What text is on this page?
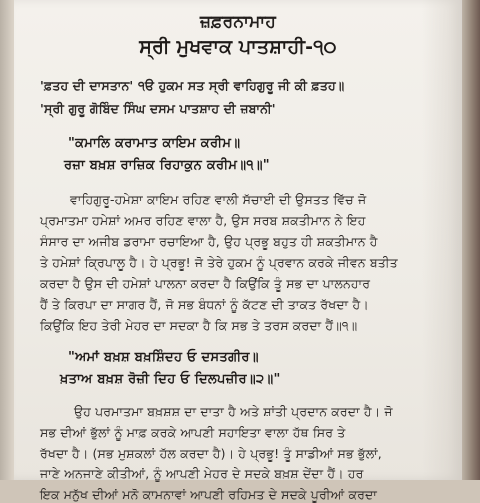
ਜ਼ਫ਼ਰਨਾਮਾਹ
ਸ੍ਰੀ ਮੁਖਵਾਕ ਪਾਤਸ਼ਾਹੀ-੧੦
'ਫ਼ਤਹ ਦੀ ਦਾਸਤਾਨ' ੧ੳ ਹੁਕਮ ਸਤ ਸ੍ਰੀ ਵਾਹਿਗੁਰੂ ਜੀ ਕੀ ਫ਼ਤਹ॥
'ਸ੍ਰੀ ਗੁਰੂ ਗੋਬਿੰਦ ਸਿੰਘ ਦਸਮ ਪਾਤਸ਼ਾਹ ਦੀ ਜ਼ਬਾਨੀ'
"ਕਮਾਲਿ ਕਰਾਮਾਤ ਕਾਇਮ ਕਰੀਮ॥
ਰਜ਼ਾ ਬਖ਼ਸ਼ ਰਾਜ਼ਿਕ ਰਿਹਾਕੁਨ ਕਰੀਮ॥੧॥"
ਵਾਹਿਗੁਰੂ-ਹਮੇਸ਼ਾ ਕਾਇਮ ਰਹਿਣ ਵਾਲੀ ਸੱਚਾਈ ਦੀ ਉਸਤਤ ਵਿੱਚ ਜੋ
ਪ੍ਰਮਾਤਮਾ ਹਮੇਸ਼ਾਂ ਅਮਰ ਰਹਿਣ ਵਾਲਾ ਹੈ, ਉਸ ਸਰਬ ਸ਼ਕਤੀਮਾਨ ਨੇ ਇਹ
ਸੰਸਾਰ ਦਾ ਅਜੀਬ ਡਰਾਮਾ ਰਚਾਇਆ ਹੈ, ਉਹ ਪ੍ਰਭੂ ਬਹੁਤ ਹੀ ਸ਼ਕਤੀਮਾਨ ਹੈ
ਤੇ ਹਮੇਸ਼ਾਂ ਕ੍ਰਿਪਾਲੂ ਹੈ। ਹੇ ਪ੍ਰਭੂ! ਜੋ ਤੇਰੇ ਹੁਕਮ ਨੂੰ ਪ੍ਰਵਾਨ ਕਰਕੇ ਜੀਵਨ ਬਤੀਤ
ਕਰਦਾ ਹੈ ਉਸ ਦੀ ਹਮੇਸ਼ਾਂ ਪਾਲਨਾ ਕਰਦਾ ਹੈ ਕਿਉਂਕਿ ਤੂੰ ਸਭ ਦਾ ਪਾਲਨਹਾਰ
ਹੈਂ ਤੇ ਕਿਰਪਾ ਦਾ ਸਾਗਰ ਹੈਂ, ਜੋ ਸਭ ਬੰਧਨਾਂ ਨੂੰ ਕੱਟਣ ਦੀ ਤਾਕਤ ਰੱਖਦਾ ਹੈ।
ਕਿਉਂਕਿ ਇਹ ਤੇਰੀ ਮੇਹਰ ਦਾ ਸਦਕਾ ਹੈ ਕਿ ਸਭ ਤੇ ਤਰਸ ਕਰਦਾ ਹੈਂ॥੧॥
"ਅਮਾਂ ਬਖ਼ਸ਼ ਬਖ਼ਸ਼ਿੰਦਹ ਓ ਦਸਤਗੀਰ॥
ਖ਼ਤਾਅ ਬਖ਼ਸ਼ ਰੋਜ਼ੀ ਦਿਹ ਓ ਦਿਲਪਜ਼ੀਰ॥੨॥"
ਉਹ ਪਰਮਾਤਮਾ ਬਖ਼ਸ਼ਸ਼ ਦਾ ਦਾਤਾ ਹੈ ਅਤੇ ਸ਼ਾਂਤੀ ਪ੍ਰਦਾਨ ਕਰਦਾ ਹੈ। ਜੋ
ਸਭ ਦੀਆਂ ਭੁੱਲਾਂ ਨੂੰ ਮਾਫ਼ ਕਰਕੇ ਆਪਣੀ ਸਹਾਇਤਾ ਵਾਲਾ ਹੱਥ ਸਿਰ ਤੇ
ਰੱਖਦਾ ਹੈ। (ਸਭ ਮੁਸ਼ਕਲਾਂ ਹੱਲ ਕਰਦਾ ਹੈ)। ਹੇ ਪ੍ਰਭੂ! ਤੂੰ ਸਾਡੀਆਂ ਸਭ ਭੁੱਲਾਂ,
ਜਾਣੇ ਅਨਜਾਣੇ ਕੀਤੀਆਂ, ਨੂੰ ਆਪਣੀ ਮੇਹਰ ਦੇ ਸਦਕੇ ਬਖ਼ਸ਼ ਦੇਂਦਾ ਹੈਂ। ਹਰ
ਇਕ ਮਨੁੱਖ ਦੀਆਂ ਮਨੋ ਕਾਮਨਾਵਾਂ ਆਪਣੀ ਰਹਿਮਤ ਦੇ ਸਦਕੇ ਪੂਰੀਆਂ ਕਰਦਾ
